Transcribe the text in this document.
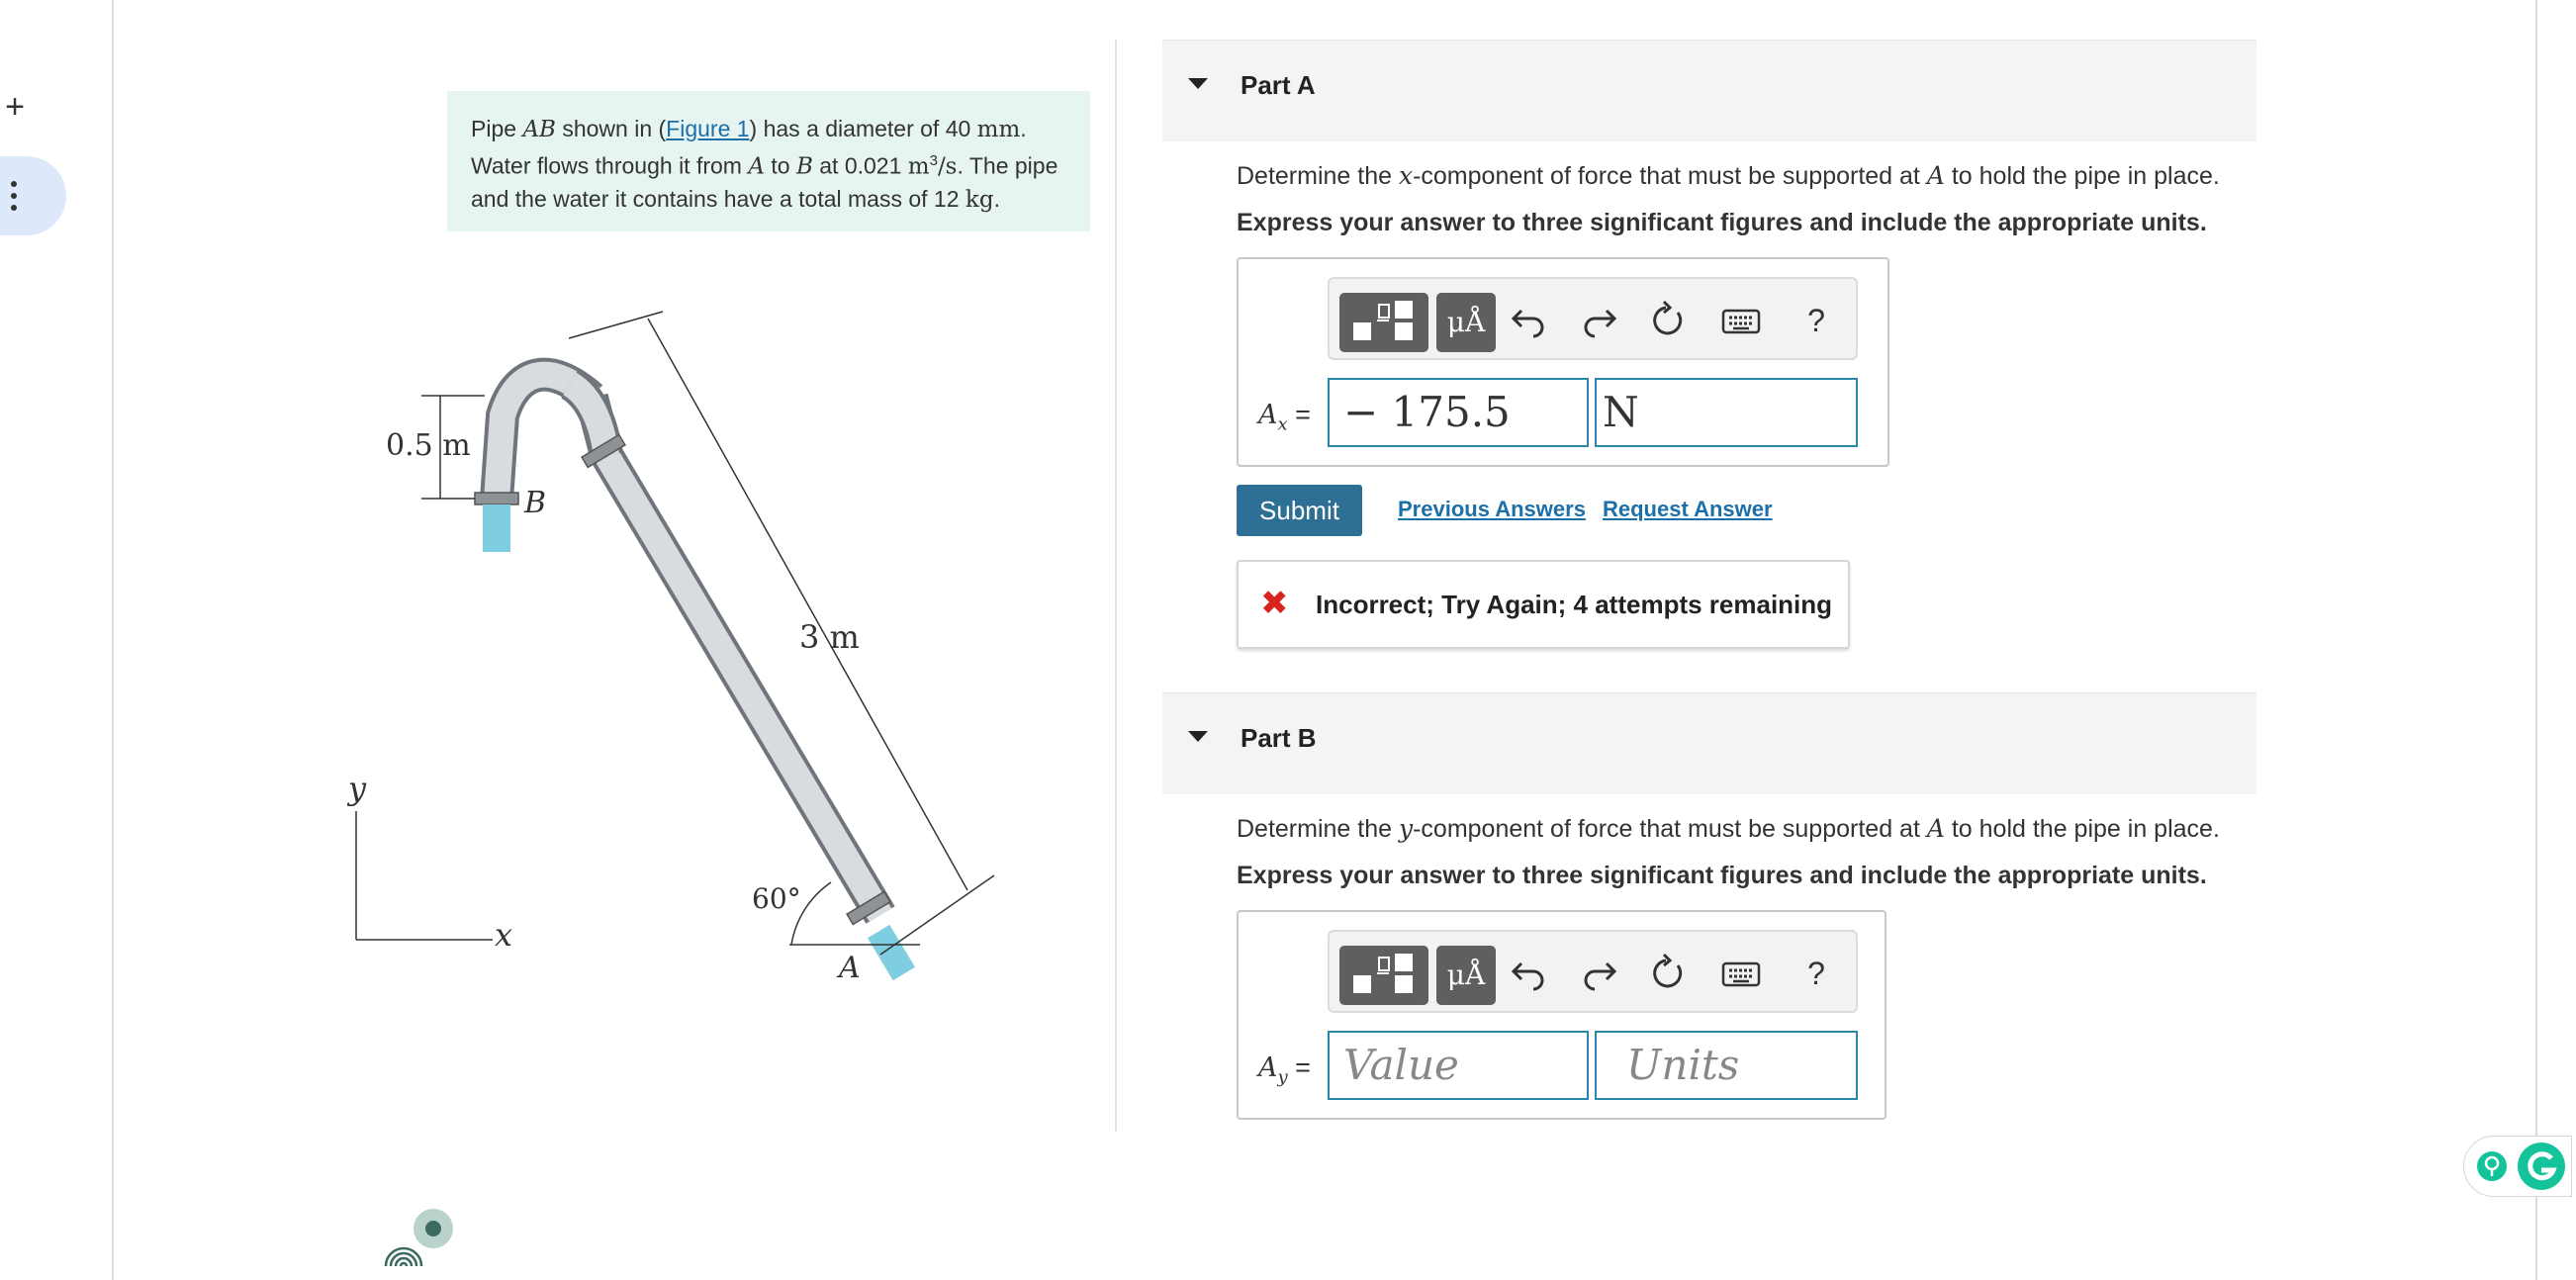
+
Pipe AB shown in (Figure 1) has a diameter of 40 mm. Water flows through it from A to B at 0.021 $m^3/s$. The pipe and the water it contains have a total mass of 12 kg.
0.5 m
B
3 m
60°
A
y
x
Part A
Determine the x-component of force that must be supported at A to hold the pipe in place.
Express your answer to three significant figures and include the appropriate units.
μÅ	?
$A_x$ = − 175.5	N
Submit	Previous Answers Request Answer
✖ Incorrect; Try Again; 4 attempts remaining
Part B
Determine the y-component of force that must be supported at A to hold the pipe in place.
Express your answer to three significant figures and include the appropriate units.
μÅ	?
$A_y$ = Value	Units
